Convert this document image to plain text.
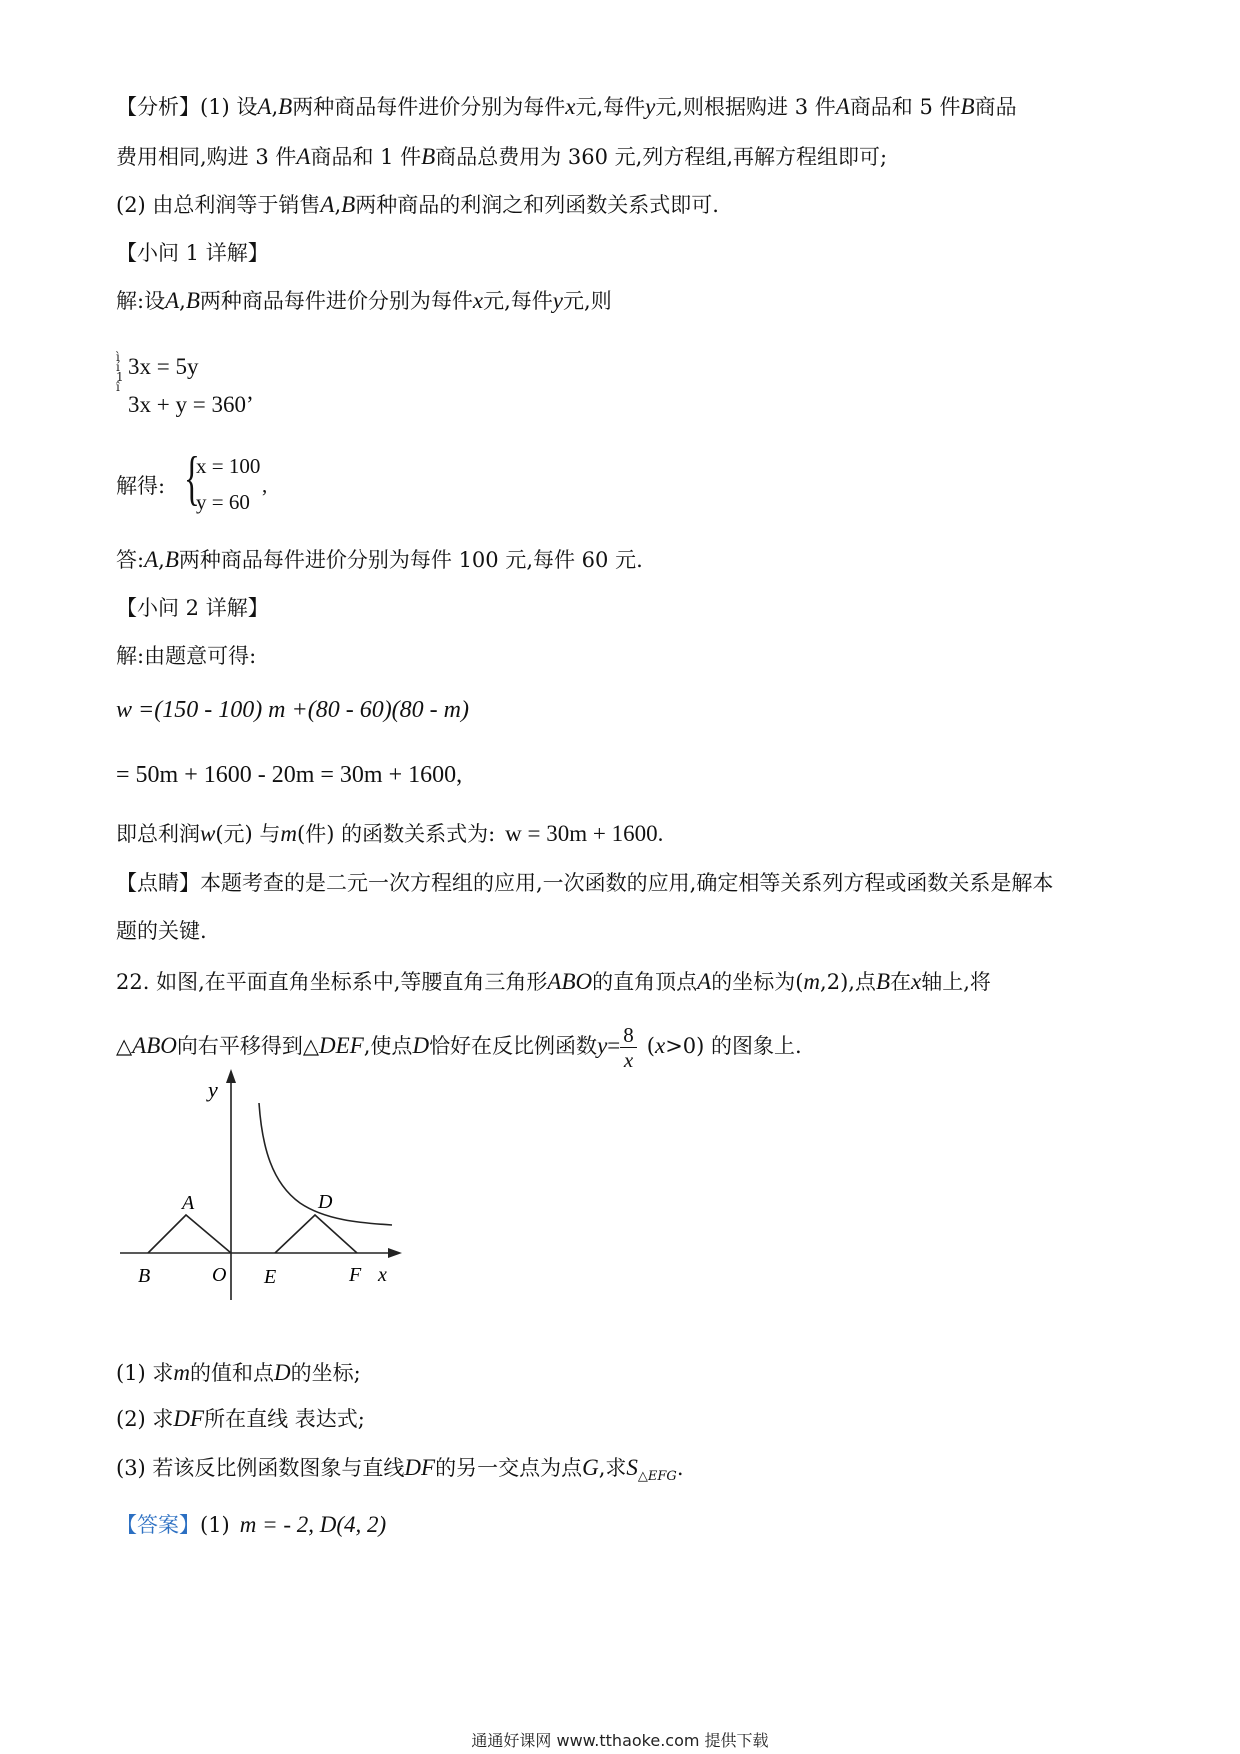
【分析】(1) 设A,B两种商品每件进价分别为每件x元,每件y元,则根据购进 3 件A商品和 5 件B商品
费用相同,购进 3 件A商品和 1 件B商品总费用为 360 元,列方程组,再解方程组即可;
(2) 由总利润等于销售A,B两种商品的利润之和列函数关系式即可.
【小问 1 详解】
解:设A,B两种商品每件进价分别为每件x元,每件y元,则
ì
í
1
î
3x = 5y
3x + y = 360’
解得: {
x = 100
y = 60
,
答:A,B两种商品每件进价分别为每件 100 元,每件 60 元.
【小问 2 详解】
解:由题意可得:
w =(150 - 100) m +(80 - 60)(80 - m)
= 50m + 1600 - 20m = 30m + 1600,
即总利润w(元) 与m(件) 的函数关系式为: w = 30m + 1600.
【点睛】本题考查的是二元一次方程组的应用,一次函数的应用,确定相等关系列方程或函数关系是解本
题的关键.
22. 如图,在平面直角坐标系中,等腰直角三角形ABO的直角顶点A的坐标为(m,2),点B在x轴上,将
△ABO向右平移得到△DEF,使点D恰好在反比例函数$y= \frac{8}{x} (x>0)$ 的图象上.
y
A	D
B	O E	F x
(1) 求m的值和点D的坐标;
(2) 求DF所在直线 表达式;
(3) 若该反比例函数图象与直线DF的另一交点为点G,求$S_{\triangle EFG}$.
【答案】(1) m = - 2, D(4, 2)
通通好课网 www.tthaoke.com 提供下载
